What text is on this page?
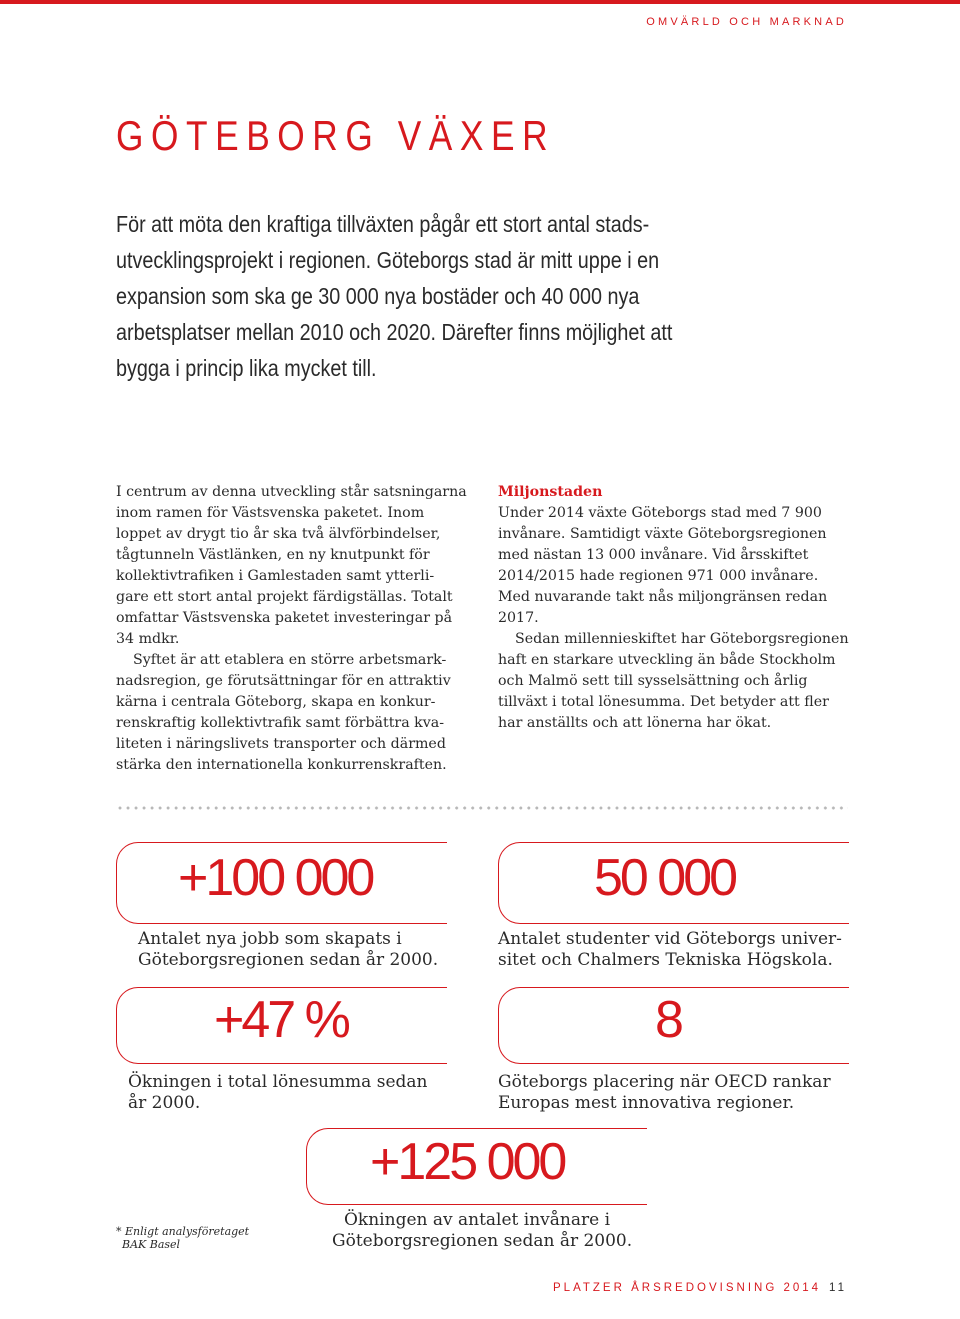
OMVÄRLD OCH MARKNAD
GÖTEBORG VÄXER
För att möta den kraftiga tillväxten pågår ett stort antal stads-
utvecklingsprojekt i regionen. Göteborgs stad är mitt uppe i en
expansion som ska ge 30 000 nya bostäder och 40 000 nya
arbetsplatser mellan 2010 och 2020. Därefter finns möjlighet att
bygga i princip lika mycket till.

I centrum av denna utveckling står satsningarna
inom ramen för Västsvenska paketet. Inom
loppet av drygt tio år ska två älvförbindelser,
tågtunneln Västlänken, en ny knutpunkt för
kollektivtrafiken i Gamlestaden samt ytterli-
gare ett stort antal projekt färdigställas. Totalt
omfattar Västsvenska paketet investeringar på
34 mdkr.

Syftet är att etablera en större arbetsmark-
nadsregion, ge förutsättningar för en attraktiv
kärna i centrala Göteborg, skapa en konkur-
renskraftig kollektivtrafik samt förbättra kva-
liteten i näringslivets transporter och därmed
stärka den internationella konkurrenskraften.

Miljonstaden

Under 2014 växte Göteborgs stad med 7 900
invånare. Samtidigt växte Göteborgsregionen
med nästan 13 000 invånare. Vid årsskiftet
2014/2015 hade regionen 971 000 invånare.
Med nuvarande takt nås miljongränsen redan
2017.

Sedan millennieskiftet har Göteborgsregionen
haft en starkare utveckling än både Stockholm
och Malmö sett till sysselsättning och årlig
tillväxt i total lönesumma. Det betyder att fler
har anställts och att lönerna har ökat.

+100 000
Antalet nya jobb som skapats i
Göteborgsregionen sedan år 2000.
50 000
Antalet studenter vid Göteborgs univer-
sitet och Chalmers Tekniska Högskola.
+47 %
Ökningen i total lönesumma sedan
år 2000.
8
Göteborgs placering när OECD rankar
Europas mest innovativa regioner.
+125 000
Ökningen av antalet invånare i
Göteborgsregionen sedan år 2000.
* Enligt analysföretaget
BAK Basel
PLATZER ÅRSREDOVISNING 2014 11
